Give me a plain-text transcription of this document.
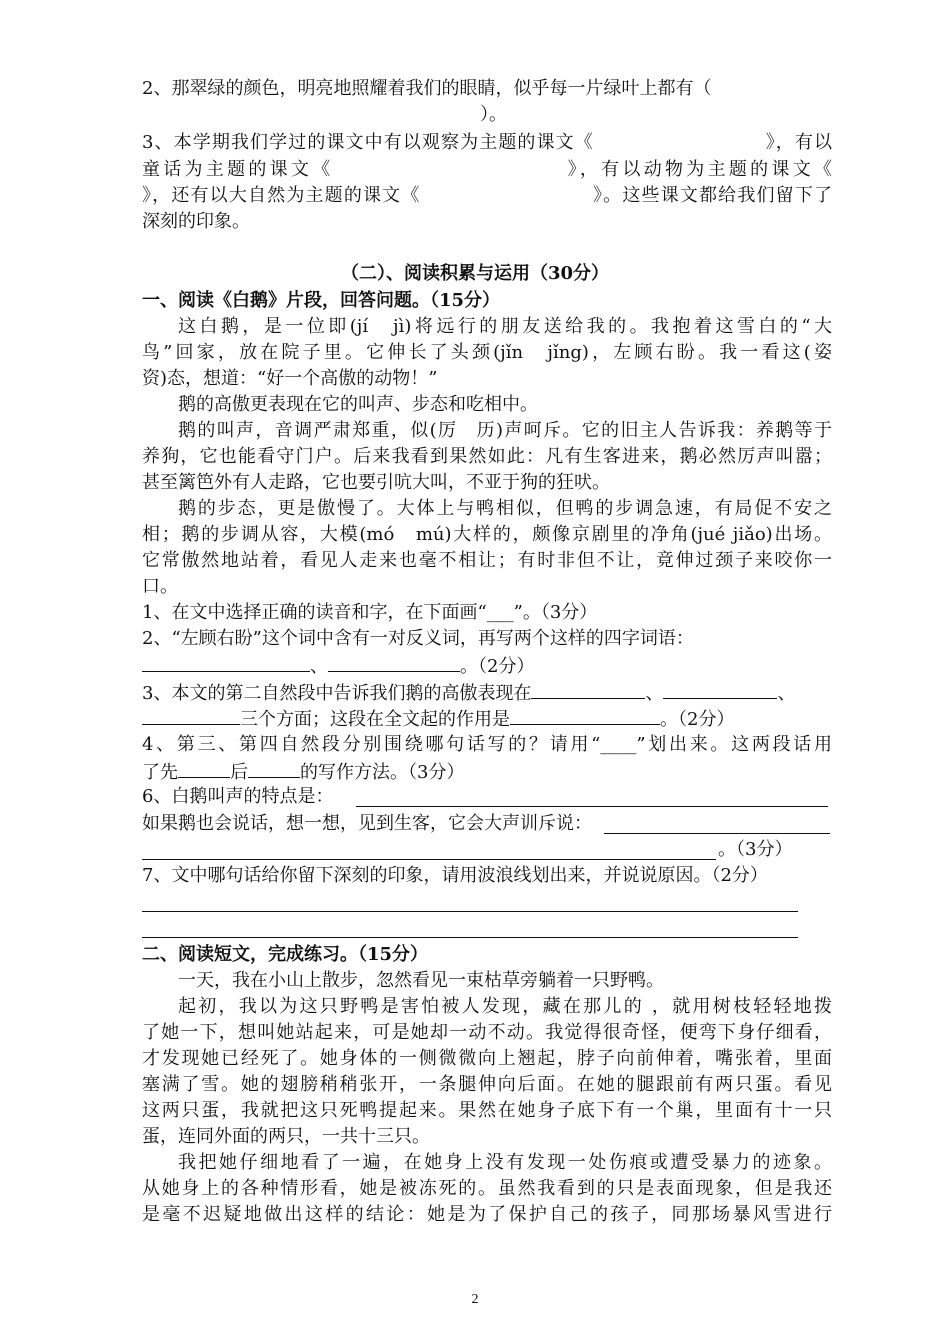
2、那翠绿的颜色，明亮地照耀着我们的眼睛，似乎每一片绿叶上都有（
）。
3、本学期我们学过的课文中有以观察为主题的课文《　　　　　　　　　》，有以
童话为主题的课文《　　　　　　　　　　　》，有以动物为主题的课文《
》，还有以大自然为主题的课文《　　　　　　　　　》。这些课文都给我们留下了
深刻的印象。
（二）、阅读积累与运用（30分）
一、阅读《白鹅》片段，回答问题。（15分）
这白鹅，是一位即(jí　jì)将远行的朋友送给我的。我抱着这雪白的“大
鸟”回家，放在院子里。它伸长了头颈(jǐn　jǐng)，左顾右盼。我一看这(姿
资)态，想道：“好一个高傲的动物！”
鹅的高傲更表现在它的叫声、步态和吃相中。
鹅的叫声，音调严肃郑重，似(厉　历)声呵斥。它的旧主人告诉我：养鹅等于
养狗，它也能看守门户。后来我看到果然如此：凡有生客进来，鹅必然厉声叫嚣；
甚至篱笆外有人走路，它也要引吭大叫，不亚于狗的狂吠。
鹅的步态，更是傲慢了。大体上与鸭相似，但鸭的步调急速，有局促不安之
相；鹅的步调从容，大模(mó　mú)大样的，颇像京剧里的净角(jué jiǎo)出场。
它常傲然地站着，看见人走来也毫不相让；有时非但不让，竟伸过颈子来咬你一
口。
1、在文中选择正确的读音和字，在下面画“___”。（3分）
2、“左顾右盼”这个词中含有一对反义词，再写两个这样的四字词语：
、	。（2分）
3、本文的第二自然段中告诉我们鹅的高傲表现在	、	、
三个方面；这段在全文起的作用是	。（2分）
4、第三、第四自然段分别围绕哪句话写的？请用“____”划出来。这两段话用
了先	后	的写作方法。（3分）
6、白鹅叫声的特点是：
如果鹅也会说话，想一想，见到生客，它会大声训斥说：
。（3分）
7、文中哪句话给你留下深刻的印象，请用波浪线划出来，并说说原因。（2分）
二、阅读短文，完成练习。（15分）
一天，我在小山上散步，忽然看见一束枯草旁躺着一只野鸭。
起初，我以为这只野鸭是害怕被人发现，藏在那儿的 ，就用树枝轻轻地拨
了她一下，想叫她站起来，可是她却一动不动。我觉得很奇怪，便弯下身仔细看，
才发现她已经死了。她身体的一侧微微向上翘起，脖子向前伸着，嘴张着，里面
塞满了雪。她的翅膀稍稍张开，一条腿伸向后面。在她的腿跟前有两只蛋。看见
这两只蛋，我就把这只死鸭提起来。果然在她身子底下有一个巢，里面有十一只
蛋，连同外面的两只，一共十三只。
我把她仔细地看了一遍，在她身上没有发现一处伤痕或遭受暴力的迹象。
从她身上的各种情形看，她是被冻死的。虽然我看到的只是表面现象，但是我还
是毫不迟疑地做出这样的结论：她是为了保护自己的孩子，同那场暴风雪进行
2
